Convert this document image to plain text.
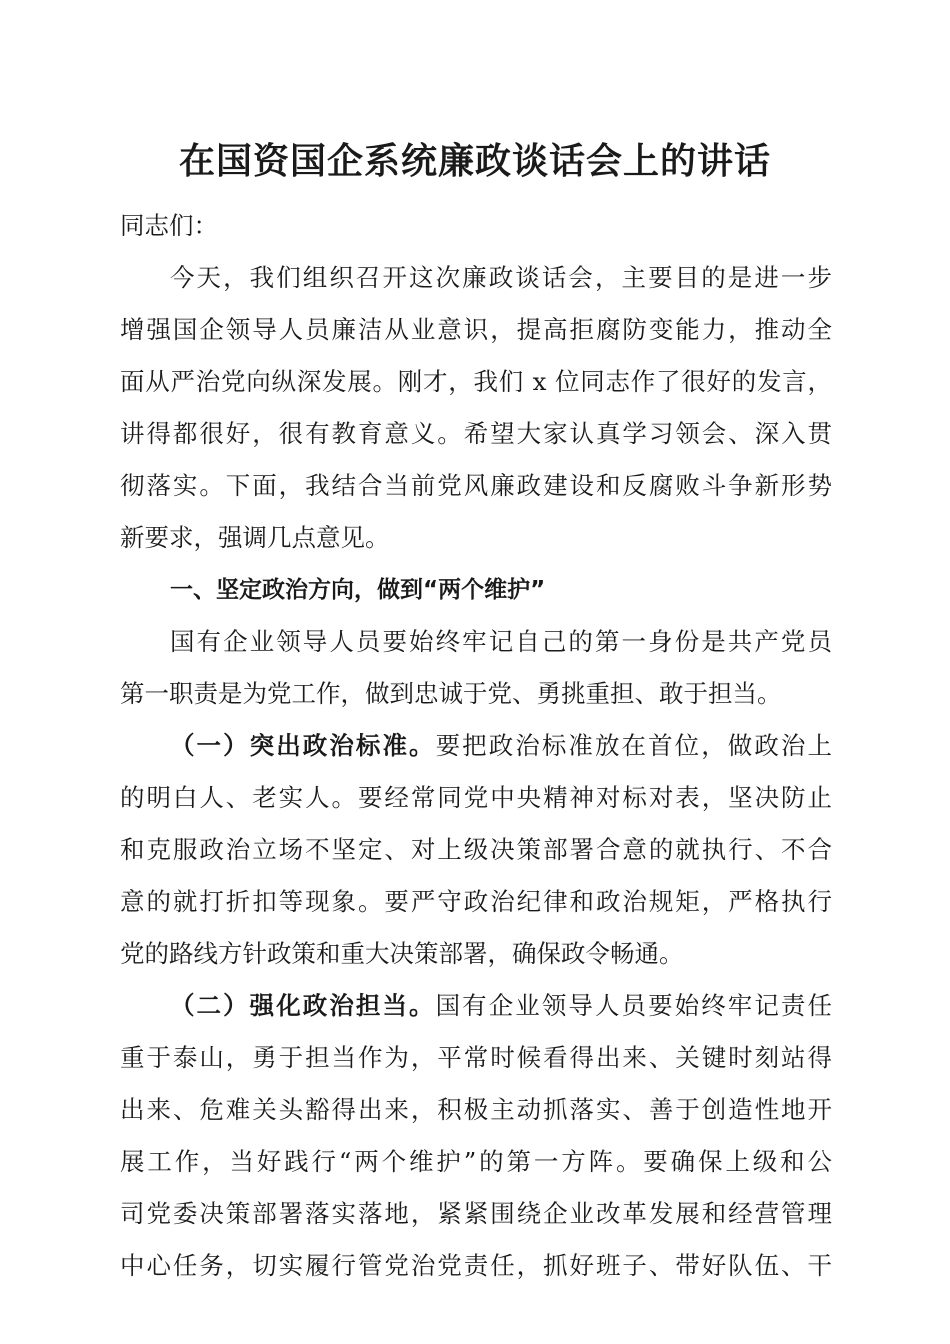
在国资国企系统廉政谈话会上的讲话
同志们：
今天，我们组织召开这次廉政谈话会，主要目的是进一步
增强国企领导人员廉洁从业意识，提高拒腐防变能力，推动全
面从严治党向纵深发展。刚才，我们 x 位同志作了很好的发言，
讲得都很好，很有教育意义。希望大家认真学习领会、深入贯
彻落实。下面，我结合当前党风廉政建设和反腐败斗争新形势
新要求，强调几点意见。
一、坚定政治方向，做到“两个维护”
国有企业领导人员要始终牢记自己的第一身份是共产党员
第一职责是为党工作，做到忠诚于党、勇挑重担、敢于担当。
（一）突出政治标准。要把政治标准放在首位，做政治上
的明白人、老实人。要经常同党中央精神对标对表，坚决防止
和克服政治立场不坚定、对上级决策部署合意的就执行、不合
意的就打折扣等现象。要严守政治纪律和政治规矩，严格执行
党的路线方针政策和重大决策部署，确保政令畅通。
（二）强化政治担当。国有企业领导人员要始终牢记责任
重于泰山，勇于担当作为，平常时候看得出来、关键时刻站得
出来、危难关头豁得出来，积极主动抓落实、善于创造性地开
展工作，当好践行“两个维护”的第一方阵。要确保上级和公
司党委决策部署落实落地，紧紧围绕企业改革发展和经营管理
中心任务，切实履行管党治党责任，抓好班子、带好队伍、干
